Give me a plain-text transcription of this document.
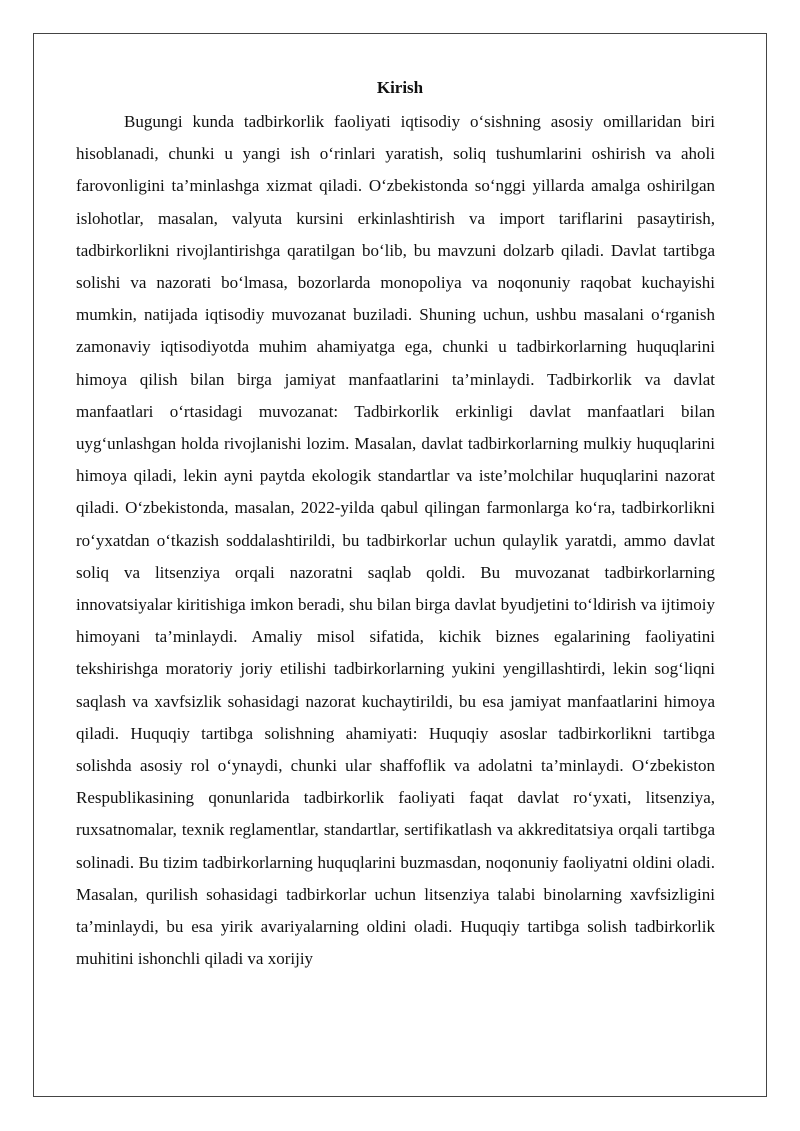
Kirish

Bugungi kunda tadbirkorlik faoliyati iqtisodiy o‘sishning asosiy omillaridan biri hisoblanadi, chunki u yangi ish o‘rinlari yaratish, soliq tushumlarini oshirish va aholi farovonligini ta’minlashga xizmat qiladi. O‘zbekistonda so‘nggi yillarda amalga oshirilgan islohotlar, masalan, valyuta kursini erkinlashtirish va import tariflarini pasaytirish, tadbirkorlikni rivojlantirishga qaratilgan bo‘lib, bu mavzuni dolzarb qiladi. Davlat tartibga solishi va nazorati bo‘lmasa, bozorlarda monopoliya va noqonuniy raqobat kuchayishi mumkin, natijada iqtisodiy muvozanat buziladi. Shuning uchun, ushbu masalani o‘rganish zamonaviy iqtisodiyotda muhim ahamiyatga ega, chunki u tadbirkorlarning huquqlarini himoya qilish bilan birga jamiyat manfaatlarini ta’minlaydi. Tadbirkorlik va davlat manfaatlari o‘rtasidagi muvozanat: Tadbirkorlik erkinligi davlat manfaatlari bilan uyg‘unlashgan holda rivojlanishi lozim. Masalan, davlat tadbirkorlarning mulkiy huquqlarini himoya qiladi, lekin ayni paytda ekologik standartlar va iste’molchilar huquqlarini nazorat qiladi. O‘zbekistonda, masalan, 2022-yilda qabul qilingan farmonlarga ko‘ra, tadbirkorlikni ro‘yxatdan o‘tkazish soddalashtirildi, bu tadbirkorlar uchun qulaylik yaratdi, ammo davlat soliq va litsenziya orqali nazoratni saqlab qoldi. Bu muvozanat tadbirkorlarning innovatsiyalar kiritishiga imkon beradi, shu bilan birga davlat byudjetini to‘ldirish va ijtimoiy himoyani ta’minlaydi. Amaliy misol sifatida, kichik biznes egalarining faoliyatini tekshirishga moratoriy joriy etilishi tadbirkorlarning yukini yengillashtirdi, lekin sog‘liqni saqlash va xavfsizlik sohasidagi nazorat kuchaytirildi, bu esa jamiyat manfaatlarini himoya qiladi. Huquqiy tartibga solishning ahamiyati: Huquqiy asoslar tadbirkorlikni tartibga solishda asosiy rol o‘ynaydi, chunki ular shaffoflik va adolatni ta’minlaydi. O‘zbekiston Respublikasining qonunlarida tadbirkorlik faoliyati faqat davlat ro‘yxati, litsenziya, ruxsatnomalar, texnik reglamentlar, standartlar, sertifikatlash va akkreditatsiya orqali tartibga solinadi. Bu tizim tadbirkorlarning huquqlarini buzmasdan, noqonuniy faoliyatni oldini oladi. Masalan, qurilish sohasidagi tadbirkorlar uchun litsenziya talabi binolarning xavfsizligini ta’minlaydi, bu esa yirik avariyalarning oldini oladi. Huquqiy tartibga solish tadbirkorlik muhitini ishonchli qiladi va xorijiy
